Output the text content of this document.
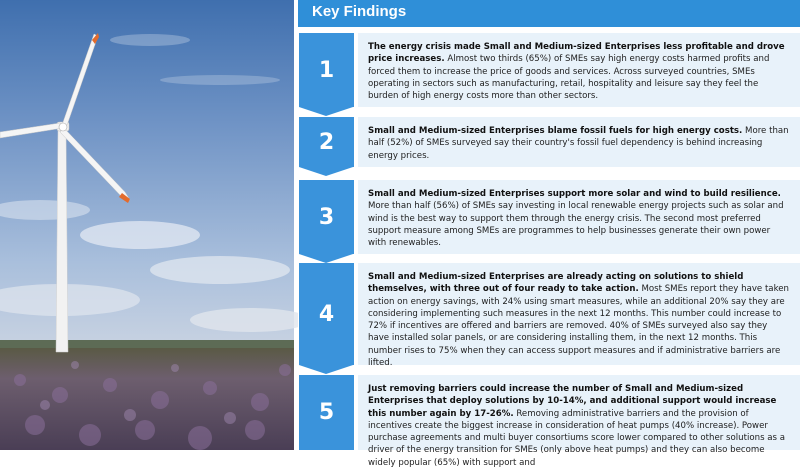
Key Findings
1
The energy crisis made Small and Medium-sized Enterprises less profitable and drove price increases. Almost two thirds (65%) of SMEs say high energy costs harmed profits and forced them to increase the price of goods and services. Across surveyed countries, SMEs operating in sectors such as manufacturing, retail, hospitality and leisure say they feel the burden of high energy costs more than other sectors.
2	Small and Medium-sized Enterprises blame fossil fuels for high energy costs. More than half (52%) of SMEs surveyed say their country's fossil fuel dependency is behind increasing energy prices.
3
Small and Medium-sized Enterprises support more solar and wind to build resilience. More than half (56%) of SMEs say investing in local renewable energy projects such as solar and wind is the best way to support them through the energy crisis. The second most preferred support measure among SMEs are programmes to help businesses generate their own power with renewables.
4
Small and Medium-sized Enterprises are already acting on solutions to shield themselves, with three out of four ready to take action. Most SMEs report they have taken action on energy savings, with 24% using smart measures, while an additional 20% say they are considering implementing such measures in the next 12 months. This number could increase to 72% if incentives are offered and barriers are removed. 40% of SMEs surveyed also say they have installed solar panels, or are considering installing them, in the next 12 months. This number rises to 75% when they can access support measures and if administrative barriers are lifted.
5
Just removing barriers could increase the number of Small and Medium-sized Enterprises that deploy solutions by 10-14%, and additional support would increase this number again by 17-26%. Removing administrative barriers and the provision of incentives create the biggest increase in consideration of heat pumps (40% increase). Power purchase agreements and multi buyer consortiums score lower compared to other solutions as a driver of the energy transition for SMEs (only above heat pumps) and they can also become widely popular (65%) with support and
